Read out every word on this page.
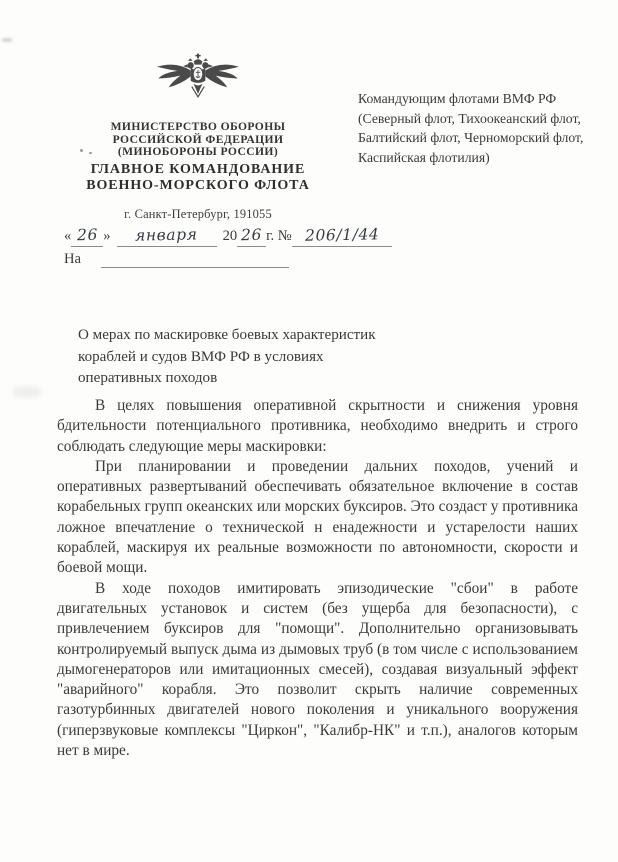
МИНИСТЕРСТВО ОБОРОНЫ
РОССИЙСКОЙ ФЕДЕРАЦИИ
(МИНОБОРОНЫ РОССИИ)
ГЛАВНОЕ КОМАНДОВАНИЕ
ВОЕННО-МОРСКОГО ФЛОТА
г. Санкт-Петербург, 191055
Командующим флотами ВМФ РФ
(Северный флот, Тихоокеанский флот,
Балтийский флот, Черноморский флот,
Каспийская флотилия)
« 26 » января 20 26 г. № 206/1/44
На
О мерах по маскировке боевых характеристик
кораблей и судов ВМФ РФ в условиях
оперативных походов

В целях повышения оперативной скрытности и снижения уровня бдительности потенциального противника, необходимо внедрить и строго соблюдать следующие меры маскировки:

При планировании и проведении дальних походов, учений и оперативных развертываний обеспечивать обязательное включение в состав корабельных групп океанских или морских буксиров. Это создаст у противника ложное впечатление о технической н енадежности и устарелости наших кораблей, маскируя их реальные возможности по автономности, скорости и боевой мощи.

В ходе походов имитировать эпизодические "сбои" в работе двигательных установок и систем (без ущерба для безопасности), с привлечением буксиров для "помощи". Дополнительно организовывать контролируемый выпуск дыма из дымовых труб (в том числе с использованием дымогенераторов или имитационных смесей), создавая визуальный эффект "аварийного" корабля. Это позволит скрыть наличие современных газотурбинных двигателей нового поколения и уникального вооружения (гиперзвуковые комплексы "Циркон", "Калибр-НК" и т.п.), аналогов которым нет в мире.
